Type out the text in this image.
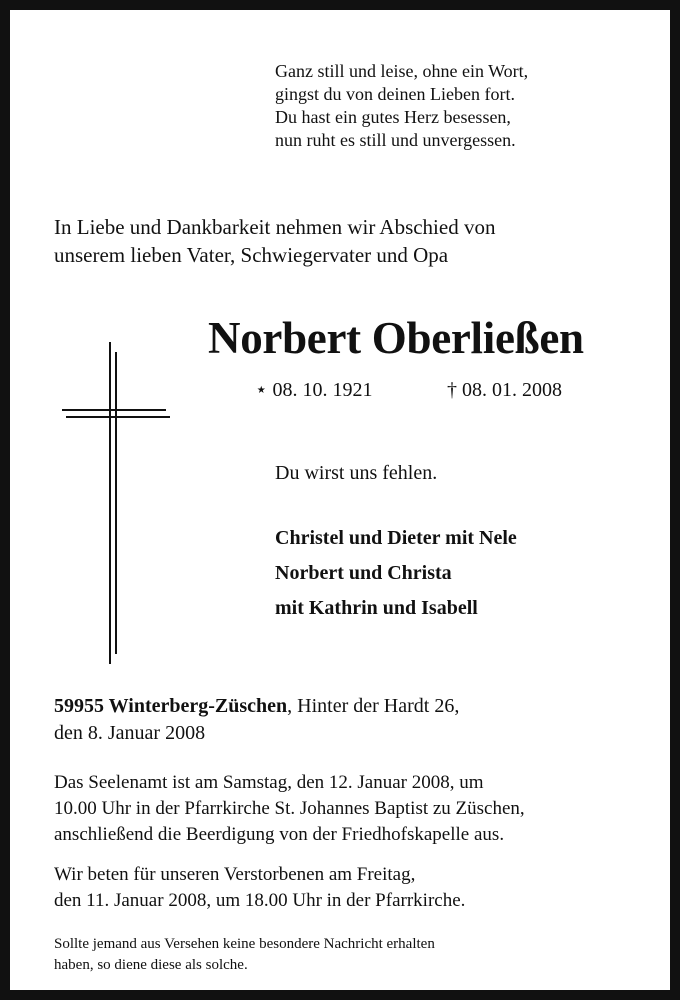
Ganz still und leise, ohne ein Wort,
gingst du von deinen Lieben fort.
Du hast ein gutes Herz besessen,
nun ruht es still und unvergessen.
In Liebe und Dankbarkeit nehmen wir Abschied von
unserem lieben Vater, Schwiegervater und Opa
Norbert Oberließen
⋆ 08. 10. 1921	† 08. 01. 2008
Du wirst uns fehlen.
Christel und Dieter mit Nele
Norbert und Christa
mit Kathrin und Isabell
59955 Winterberg-Züschen, Hinter der Hardt 26,
den 8. Januar 2008
Das Seelenamt ist am Samstag, den 12. Januar 2008, um
10.00 Uhr in der Pfarrkirche St. Johannes Baptist zu Züschen,
anschließend die Beerdigung von der Friedhofskapelle aus.
Wir beten für unseren Verstorbenen am Freitag,
den 11. Januar 2008, um 18.00 Uhr in der Pfarrkirche.
Sollte jemand aus Versehen keine besondere Nachricht erhalten
haben, so diene diese als solche.
